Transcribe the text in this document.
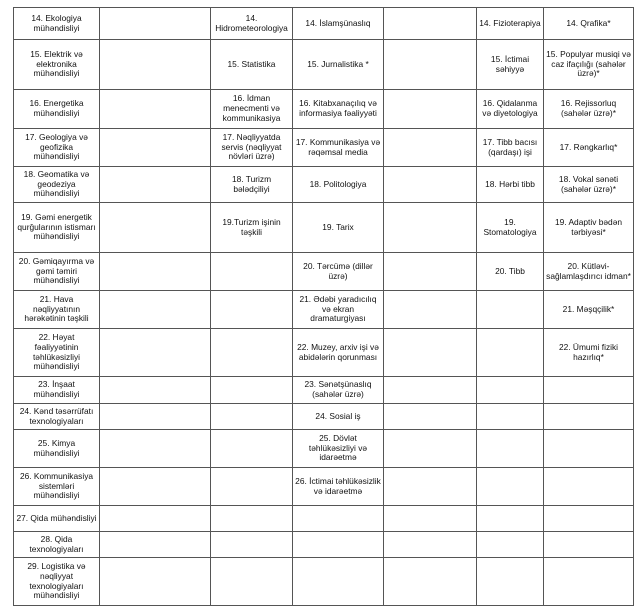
14. Ekologiya mühəndisliyi		14. Hidrometeorologiya	14. İslamşünaslıq		14. Fizioterapiya	14. Qrafika*
15. Elektrik və elektronika mühəndisliyi		15. Statistika	15. Jurnalistika *		15. İctimai səhiyyə	15. Populyar musiqi və caz ifaçılığı (sahələr üzrə)*
16. Energetika mühəndisliyi		16. İdman menecmenti və kommunikasiya	16. Kitabxanaçılıq və informasiya fəaliyyəti		16. Qidalanma və diyetologiya	16. Rejissorluq (sahələr üzrə)*
17. Geologiya və geofizika mühəndisliyi		17. Nəqliyyatda servis (nəqliyyat növləri üzrə)	17. Kommunikasiya və rəqəmsal media		17. Tibb bacısı (qardaşı) işi	17. Rəngkarlıq*
18. Geomatika və geodeziya mühəndisliyi		18. Turizm bələdçiliyi	18. Politologiya		18. Hərbi tibb	18. Vokal sənəti (sahələr üzrə)*
19. Gəmi energetik qurğularının istismarı mühəndisliyi		19.Turizm işinin təşkili	19. Tarix		19. Stomatologiya	19. Adaptiv bədən tərbiyəsi*
20. Gəmiqayırma və gəmi təmiri mühəndisliyi			20. Tərcümə (dillər üzrə)		20. Tibb	20. Kütləvi-sağlamlaşdırıcı idman*
21. Hava nəqliyyatının hərəkətinin təşkili			21. Ədəbi yaradıcılıq və ekran dramaturgiyası			21. Məşqçilik*
22. Həyat fəaliyyətinin təhlükəsizliyi mühəndisliyi			22. Muzey, arxiv işi və abidələrin qorunması			22. Ümumi fiziki hazırlıq*
23. İnşaat mühəndisliyi			23. Sənətşünaslıq (sahələr üzrə)			
24. Kənd təsərrüfatı texnologiyaları			24. Sosial iş			
25. Kimya mühəndisliyi			25. Dövlət təhlükəsizliyi və idarəetmə			
26. Kommunikasiya sistemləri mühəndisliyi			26. İctimai təhlükəsizlik və idarəetmə			
27. Qida mühəndisliyi						
28. Qida texnologiyaları						
29. Logistika və nəqliyyat texnologiyaları mühəndisliyi						
